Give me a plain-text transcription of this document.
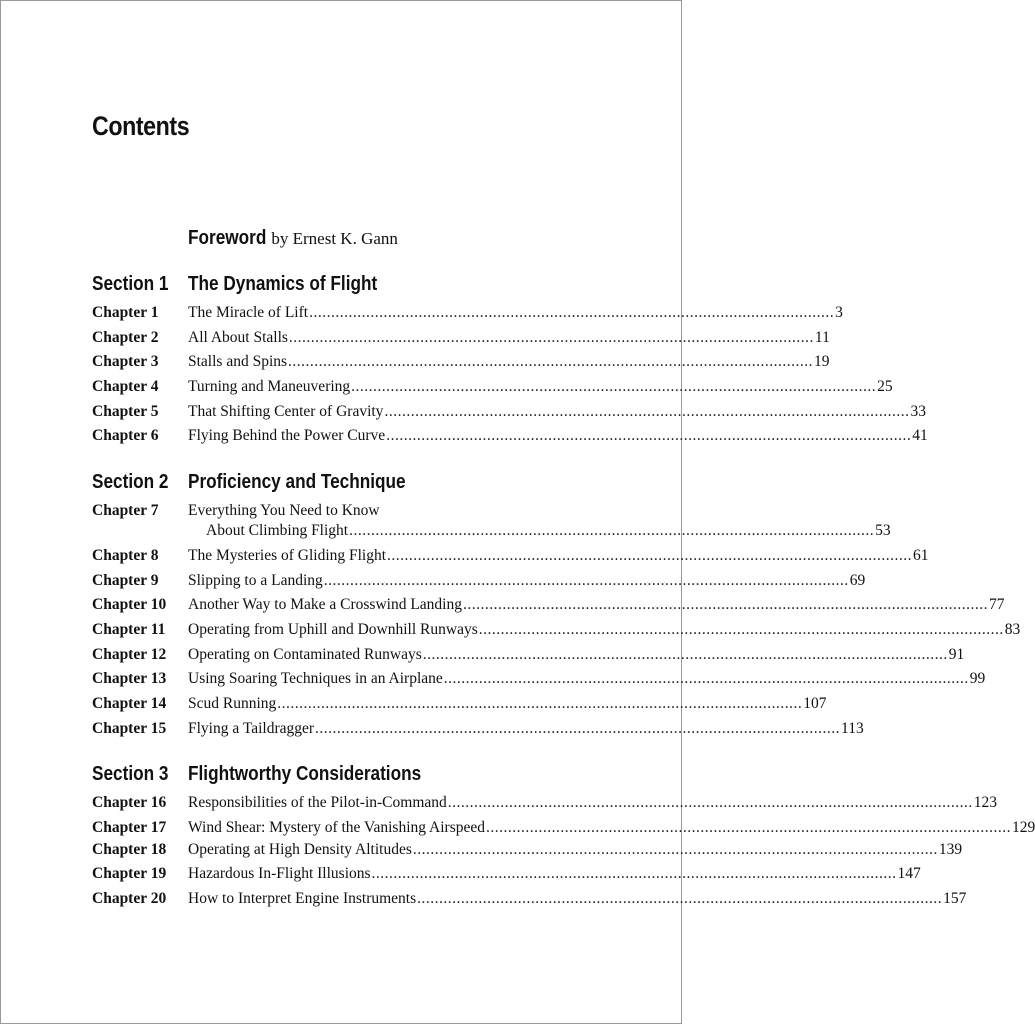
Contents
Foreword by Ernest K. Gann
Section 1 The Dynamics of Flight
Chapter 1 The Miracle of Lift ........................................................................................................................ 3
Chapter 2 All About Stalls ........................................................................................................................ 11
Chapter 3 Stalls and Spins ........................................................................................................................ 19
Chapter 4 Turning and Maneuvering ........................................................................................................................ 25
Chapter 5 That Shifting Center of Gravity ........................................................................................................................ 33
Chapter 6 Flying Behind the Power Curve ........................................................................................................................ 41
Section 2 Proficiency and Technique
Chapter 7 Everything You Need to Know
About Climbing Flight ........................................................................................................................ 53
Chapter 8 The Mysteries of Gliding Flight ........................................................................................................................ 61
Chapter 9 Slipping to a Landing ........................................................................................................................ 69
Chapter 10 Another Way to Make a Crosswind Landing ........................................................................................................................ 77
Chapter 11 Operating from Uphill and Downhill Runways ........................................................................................................................ 83
Chapter 12 Operating on Contaminated Runways ........................................................................................................................ 91
Chapter 13 Using Soaring Techniques in an Airplane ........................................................................................................................ 99
Chapter 14 Scud Running ........................................................................................................................ 107
Chapter 15 Flying a Taildragger ........................................................................................................................ 113
Section 3 Flightworthy Considerations
Chapter 16 Responsibilities of the Pilot-in-Command ........................................................................................................................ 123
Chapter 17 Wind Shear: Mystery of the Vanishing Airspeed ........................................................................................................................ 129
Chapter 18 Operating at High Density Altitudes ........................................................................................................................ 139
Chapter 19 Hazardous In-Flight Illusions ........................................................................................................................ 147
Chapter 20 How to Interpret Engine Instruments ........................................................................................................................ 157
